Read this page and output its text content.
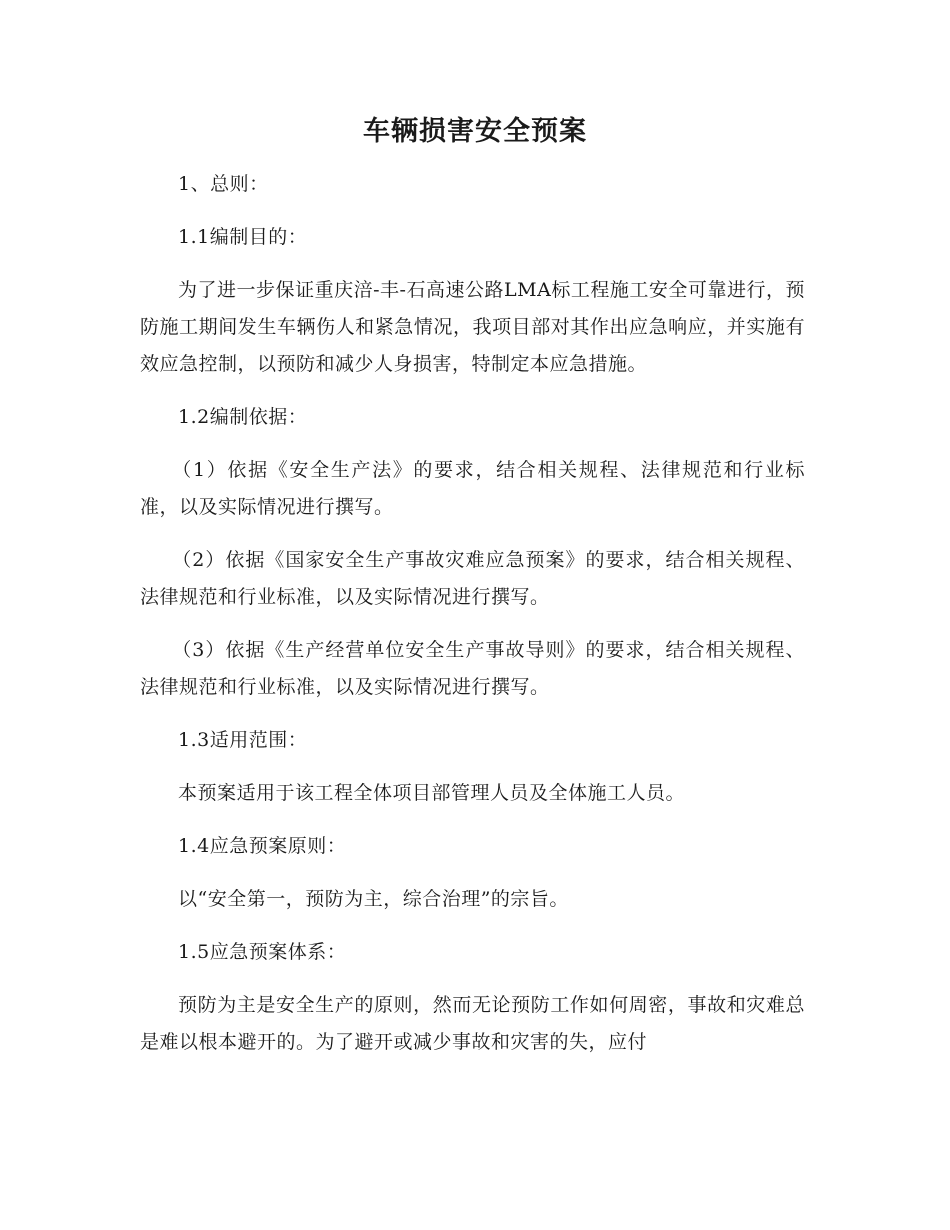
车辆损害安全预案

1、总则：

1.1编制目的：

为了进一步保证重庆涪-丰-石高速公路LMA标工程施工安全可靠进行，预防施工期间发生车辆伤人和紧急情况，我项目部对其作出应急响应，并实施有效应急控制，以预防和减少人身损害，特制定本应急措施。

1.2编制依据：

（1）依据《安全生产法》的要求，结合相关规程、法律规范和行业标准，以及实际情况进行撰写。

（2）依据《国家安全生产事故灾难应急预案》的要求，结合相关规程、法律规范和行业标准，以及实际情况进行撰写。

（3）依据《生产经营单位安全生产事故导则》的要求，结合相关规程、法律规范和行业标准，以及实际情况进行撰写。

1.3适用范围：

本预案适用于该工程全体项目部管理人员及全体施工人员。

1.4应急预案原则：

以“安全第一，预防为主，综合治理”的宗旨。

1.5应急预案体系：

预防为主是安全生产的原则，然而无论预防工作如何周密，事故和灾难总是难以根本避开的。为了避开或减少事故和灾害的失，应付
